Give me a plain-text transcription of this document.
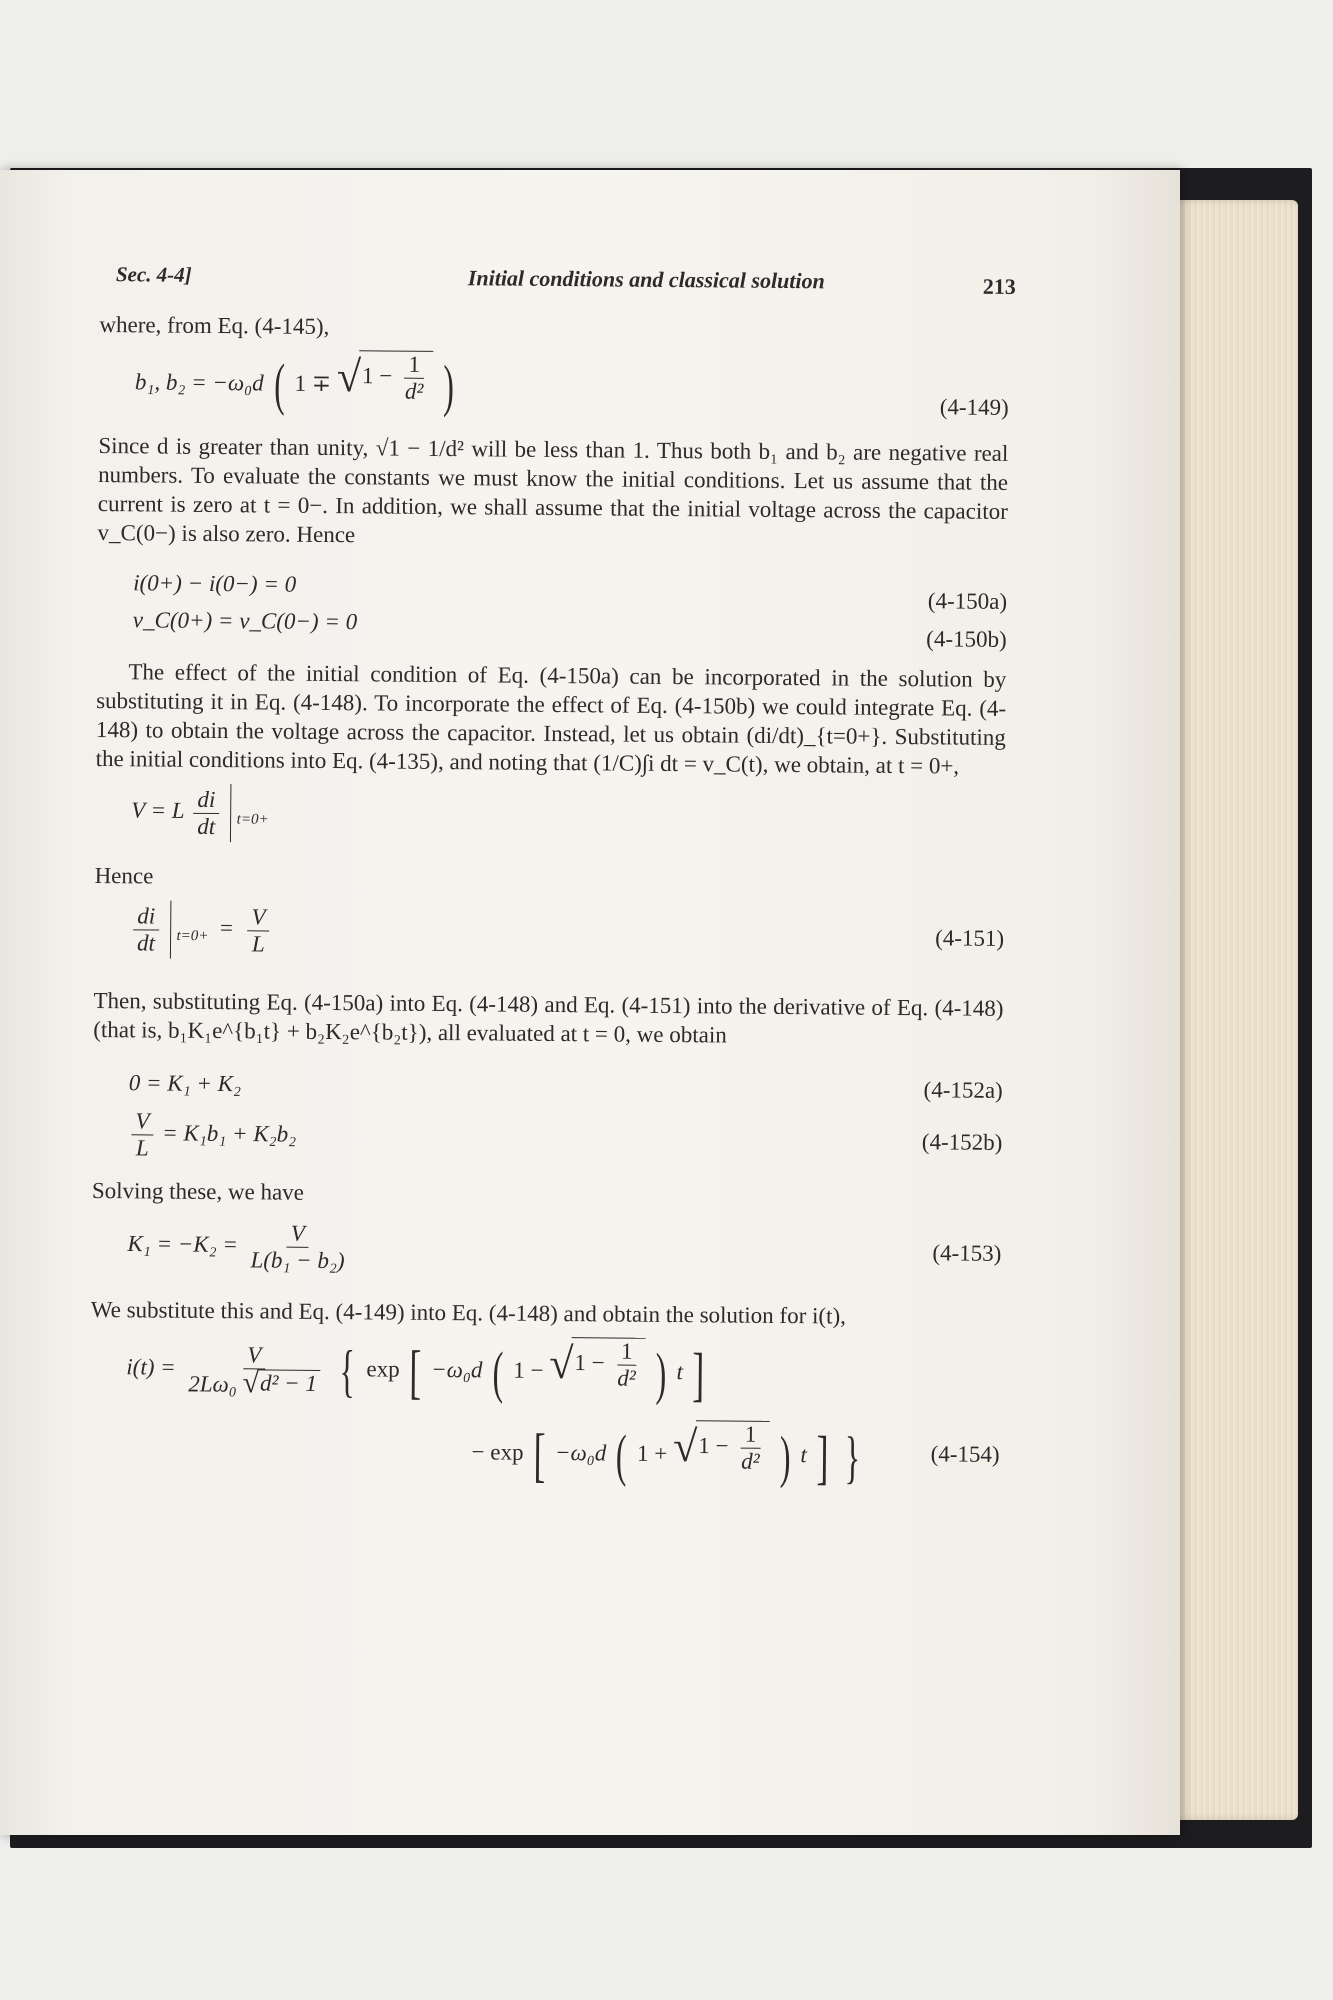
Sec. 4-4]	Initial conditions and classical solution	213

where, from Eq. (4-145),

b₁, b₂ = −ω₀d ( 1 ∓ √ $1 - \frac{1}{\text{d²}}$ )	(4-149)

Since d is greater than unity, √1 − 1/d² will be less than 1. Thus both b₁ and b₂ are negative real numbers. To evaluate the constants we must know the initial conditions. Let us assume that the current is zero at t = 0−. In addition, we shall assume that the initial voltage across the capacitor v_C(0−) is also zero. Hence

i(0+) − i(0−) = 0
(4-150a)
v_C(0+) = v_C(0−) = 0
(4-150b)

The effect of the initial condition of Eq. (4-150a) can be incorporated in the solution by substituting it in Eq. (4-148). To incorporate the effect of Eq. (4-150b) we could integrate Eq. (4-148) to obtain the voltage across the capacitor. Instead, let us obtain (di/dt)_{t=0+}. Substituting the initial conditions into Eq. (4-135), and noting that (1/C)∫i dt = v_C(t), we obtain, at t = 0+,

V = L $\frac{di}{dt} _{t=0+}$

Hence

$\frac{di}{dt} _{t=0+} = \frac{V}{L}$	(4-151)

Then, substituting Eq. (4-150a) into Eq. (4-148) and Eq. (4-151) into the derivative of Eq. (4-148) (that is, b₁K₁e^{b₁t} + b₂K₂e^{b₂t}), all evaluated at t = 0, we obtain

0 = K₁ + K₂	(4-152a)
$\frac{V}{L} = K_1b_1 + K_2b_2$	(4-152b)

Solving these, we have

$K_1 = -K_2 = \frac{V}{\text{L(b₁ − b₂)}}$	(4-153)

We substitute this and Eq. (4-149) into Eq. (4-148) and obtain the solution for i(t),

$i(t) = \frac{V}{\text{2Lω₀ √ d² − 1}}$ { exp [ −ω₀d ( 1 − √ $1 - \frac{1}{\text{d²}}$ ) t ]
− exp [ −ω₀d ( 1 + √ $1 - \frac{1}{\text{d²}}$ ) t ] }	(4-154)
